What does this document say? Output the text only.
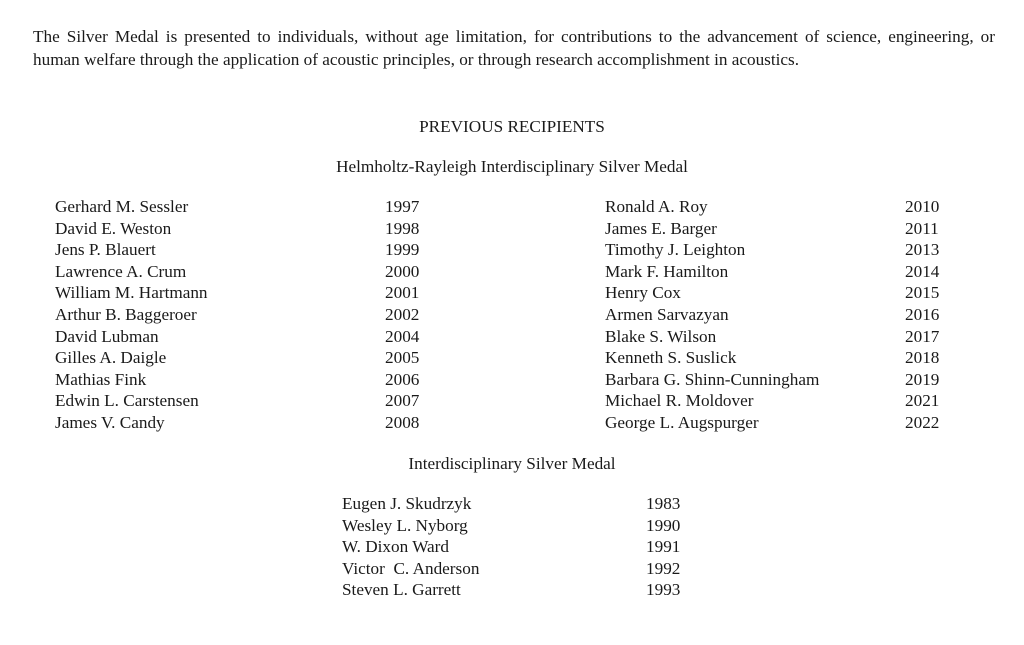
The Silver Medal is presented to individuals, without age limitation, for contributions to the advancement of science, engineering, or human welfare through the application of acoustic principles, or through research accomplishment in acoustics.

PREVIOUS RECIPIENTS
Helmholtz-Rayleigh Interdisciplinary Silver Medal
Gerhard M. Sessler	1997
David E. Weston	1998
Jens P. Blauert	1999
Lawrence A. Crum	2000
William M. Hartmann	2001
Arthur B. Baggeroer	2002
David Lubman	2004
Gilles A. Daigle	2005
Mathias Fink	2006
Edwin L. Carstensen	2007
James V. Candy	2008
Ronald A. Roy	2010
James E. Barger	2011
Timothy J. Leighton	2013
Mark F. Hamilton	2014
Henry Cox	2015
Armen Sarvazyan	2016
Blake S. Wilson	2017
Kenneth S. Suslick	2018
Barbara G. Shinn-Cunningham	2019
Michael R. Moldover	2021
George L. Augspurger	2022
Interdisciplinary Silver Medal
Eugen J. Skudrzyk	1983
Wesley L. Nyborg	1990
W. Dixon Ward	1991
Victor  C. Anderson	1992
Steven L. Garrett	1993
